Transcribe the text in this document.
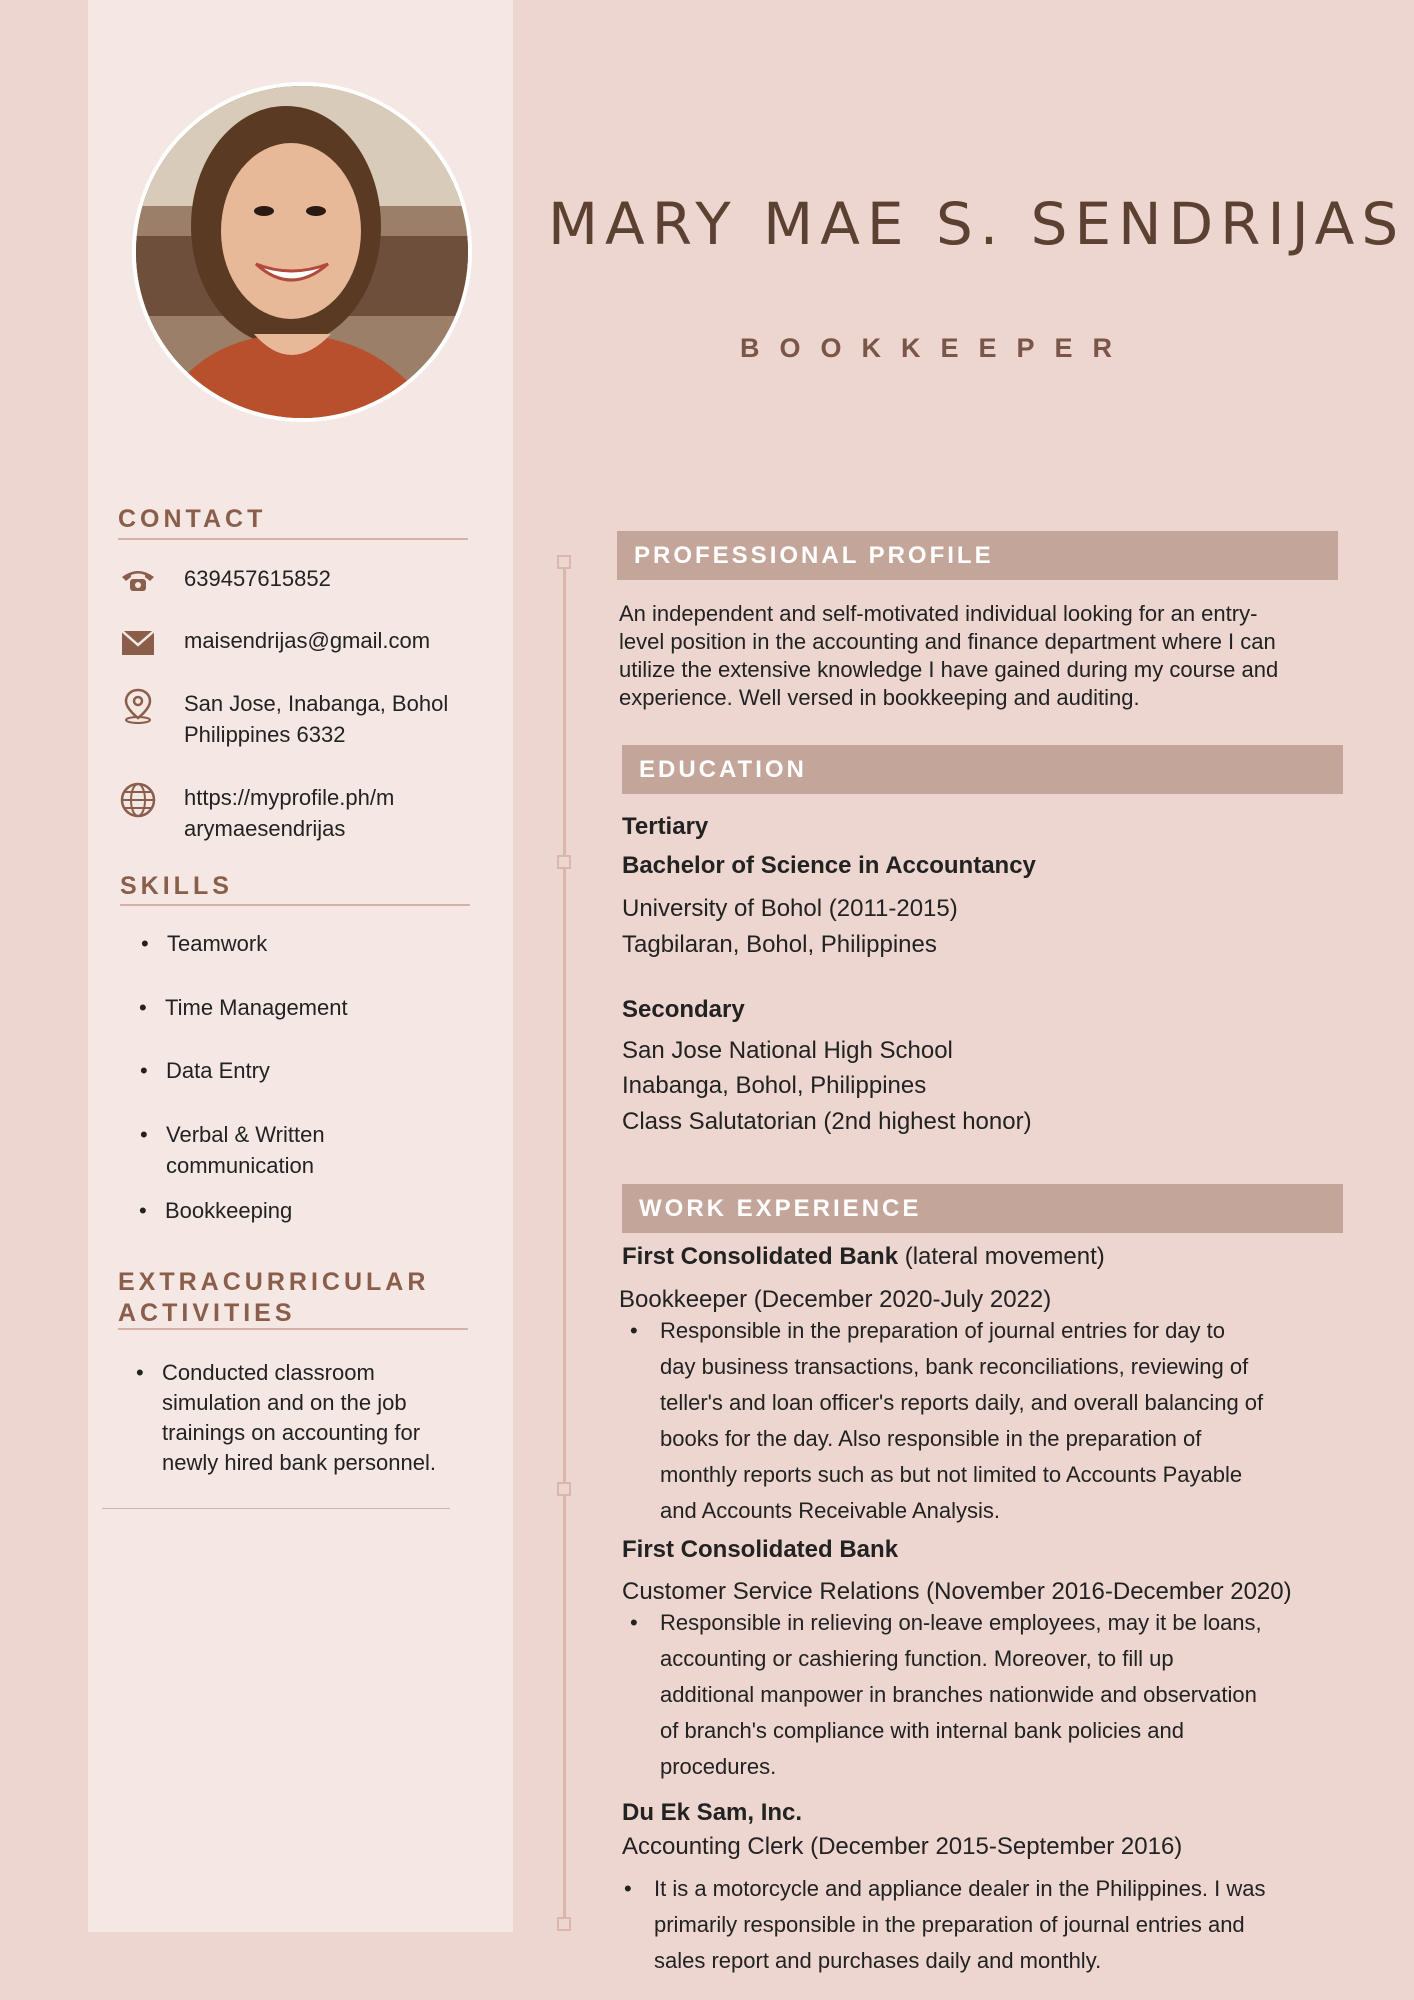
CONTACT
639457615852
maisendrijas@gmail.com
San Jose, Inabanga, Bohol
Philippines 6332
https://myprofile.ph/m
arymaesendrijas
SKILLS
• Teamwork
• Time Management
• Data Entry
• Verbal & Written
communication
• Bookkeeping
EXTRACURRICULAR
ACTIVITIES
• Conducted classroom
simulation and on the job
trainings on accounting for
newly hired bank personnel.
MARY MAE S. SENDRIJAS
BOOKKEEPER
PROFESSIONAL PROFILE
An independent and self-motivated individual looking for an entry-
level position in the accounting and finance department where I can
utilize the extensive knowledge I have gained during my course and
experience. Well versed in bookkeeping and auditing.
EDUCATION
Tertiary
Bachelor of Science in Accountancy
University of Bohol (2011-2015)
Tagbilaran, Bohol, Philippines
Secondary
San Jose National High School
Inabanga, Bohol, Philippines
Class Salutatorian (2nd highest honor)
WORK EXPERIENCE
First Consolidated Bank (lateral movement)
Bookkeeper (December 2020-July 2022)
• Responsible in the preparation of journal entries for day to
day business transactions, bank reconciliations, reviewing of
teller's and loan officer's reports daily, and overall balancing of
books for the day. Also responsible in the preparation of
monthly reports such as but not limited to Accounts Payable
and Accounts Receivable Analysis.
First Consolidated Bank
Customer Service Relations (November 2016-December 2020)
• Responsible in relieving on-leave employees, may it be loans,
accounting or cashiering function. Moreover, to fill up
additional manpower in branches nationwide and observation
of branch's compliance with internal bank policies and
procedures.
Du Ek Sam, Inc.
Accounting Clerk (December 2015-September 2016)
• It is a motorcycle and appliance dealer in the Philippines. I was
primarily responsible in the preparation of journal entries and
sales report and purchases daily and monthly.
